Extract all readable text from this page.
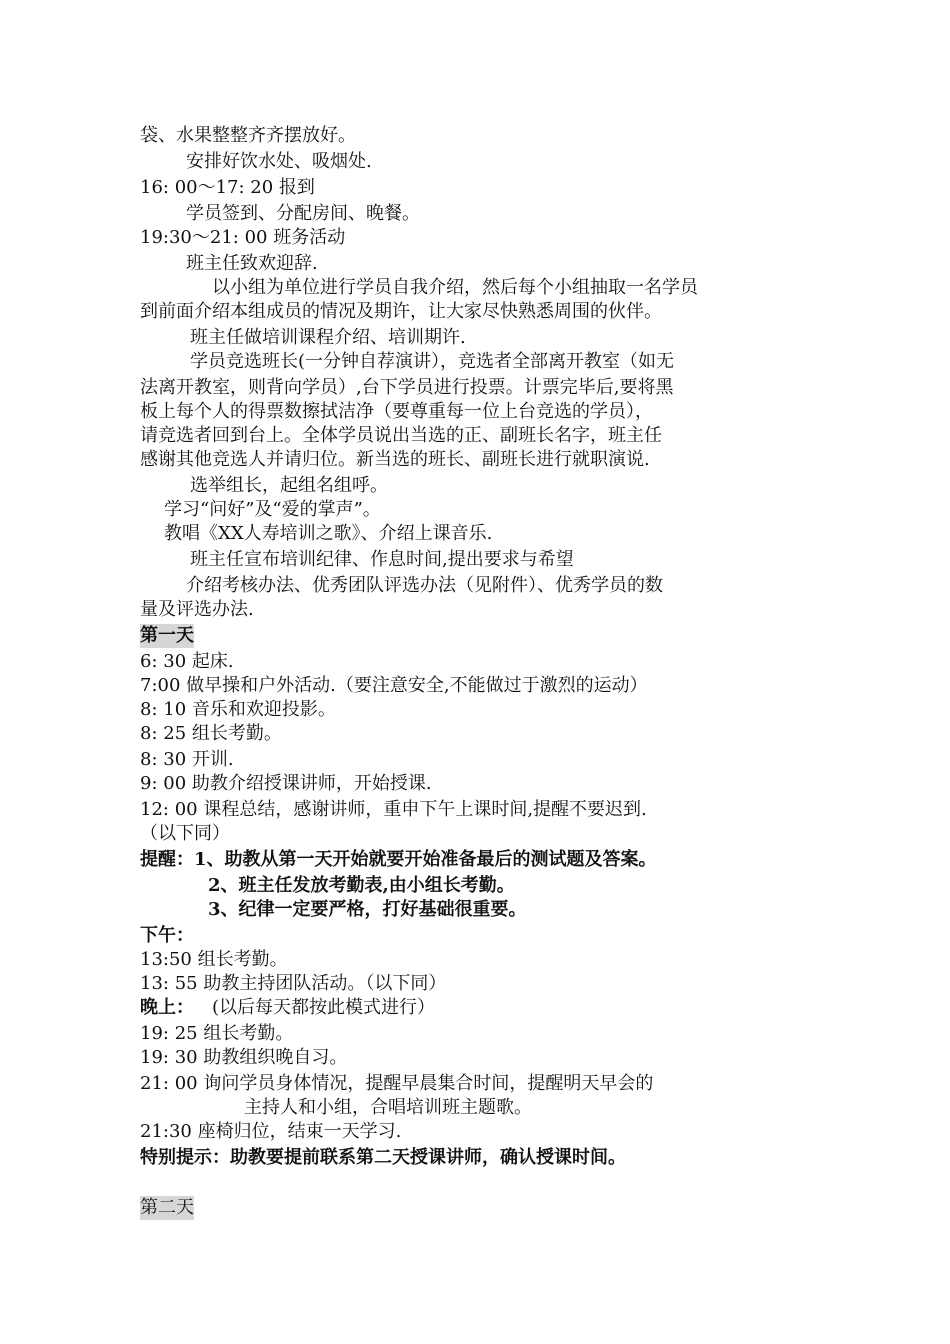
袋、水果整整齐齐摆放好。
安排好饮水处、吸烟处.
16: 00～17: 20 报到
学员签到、分配房间、晚餐。
19:30～21: 00 班务活动
班主任致欢迎辞.
以小组为单位进行学员自我介绍，然后每个小组抽取一名学员
到前面介绍本组成员的情况及期许，让大家尽快熟悉周围的伙伴。
班主任做培训课程介绍、培训期许.
学员竞选班长(一分钟自荐演讲），竞选者全部离开教室（如无
法离开教室，则背向学员）,台下学员进行投票。计票完毕后,要将黑
板上每个人的得票数擦拭洁净（要尊重每一位上台竞选的学员），
请竞选者回到台上。全体学员说出当选的正、副班长名字，班主任
感谢其他竞选人并请归位。新当选的班长、副班长进行就职演说.
选举组长，起组名组呼。
学习“问好”及“爱的掌声”。
教唱《XX人寿培训之歌》、介绍上课音乐.
班主任宣布培训纪律、作息时间,提出要求与希望
介绍考核办法、优秀团队评选办法（见附件）、优秀学员的数
量及评选办法.
第一天
6: 30 起床.
7:00 做早操和户外活动.（要注意安全,不能做过于激烈的运动）
8: 10 音乐和欢迎投影。
8: 25 组长考勤。
8: 30 开训.
9: 00 助教介绍授课讲师，开始授课.
12: 00 课程总结，感谢讲师，重申下午上课时间,提醒不要迟到.
（以下同）
提醒：1、助教从第一天开始就要开始准备最后的测试题及答案。
2、班主任发放考勤表,由小组长考勤。
3、纪律一定要严格，打好基础很重要。
下午：
13:50 组长考勤。
13: 55 助教主持团队活动。（以下同）
晚上： (以后每天都按此模式进行）
19: 25 组长考勤。
19: 30 助教组织晚自习。
21: 00 询问学员身体情况，提醒早晨集合时间，提醒明天早会的
主持人和小组，合唱培训班主题歌。
21:30 座椅归位，结束一天学习.
特别提示：助教要提前联系第二天授课讲师，确认授课时间。
第二天
